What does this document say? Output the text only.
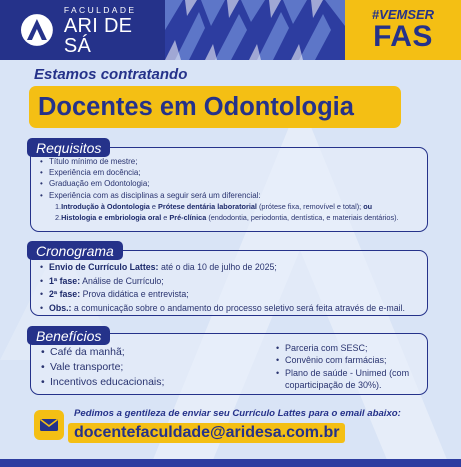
FACULDADE
ARI DE SÁ
#VEMSER
FAS
Estamos contratando
Docentes em Odontologia
Requisitos
• Título mínimo de mestre;
• Experiência em docência;
• Graduação em Odontologia;
• Experiência com as disciplinas a seguir será um diferencial:
1.Introdução à Odontologia e Prótese dentária laboratorial (prótese fixa, removível e total); ou
2.Histologia e embriologia oral e Pré-clínica (endodontia, periodontia, dentística, e materiais dentários).
Cronograma
• Envio de Currículo Lattes: até o dia 10 de julho de 2025;
• 1ª fase: Análise de Currículo;
• 2ª fase: Prova didática e entrevista;
• Obs.: a comunicação sobre o andamento do processo seletivo será feita através de e-mail.
Benefícios
• Café da manhã;
• Vale transporte;
• Incentivos educacionais;
• Parceria com SESC;
• Convênio com farmácias;
• Plano de saúde - Unimed (com
coparticipação de 30%).
Pedimos a gentileza de enviar seu Currículo Lattes para o email abaixo:
docentefaculdade@aridesa.com.br
